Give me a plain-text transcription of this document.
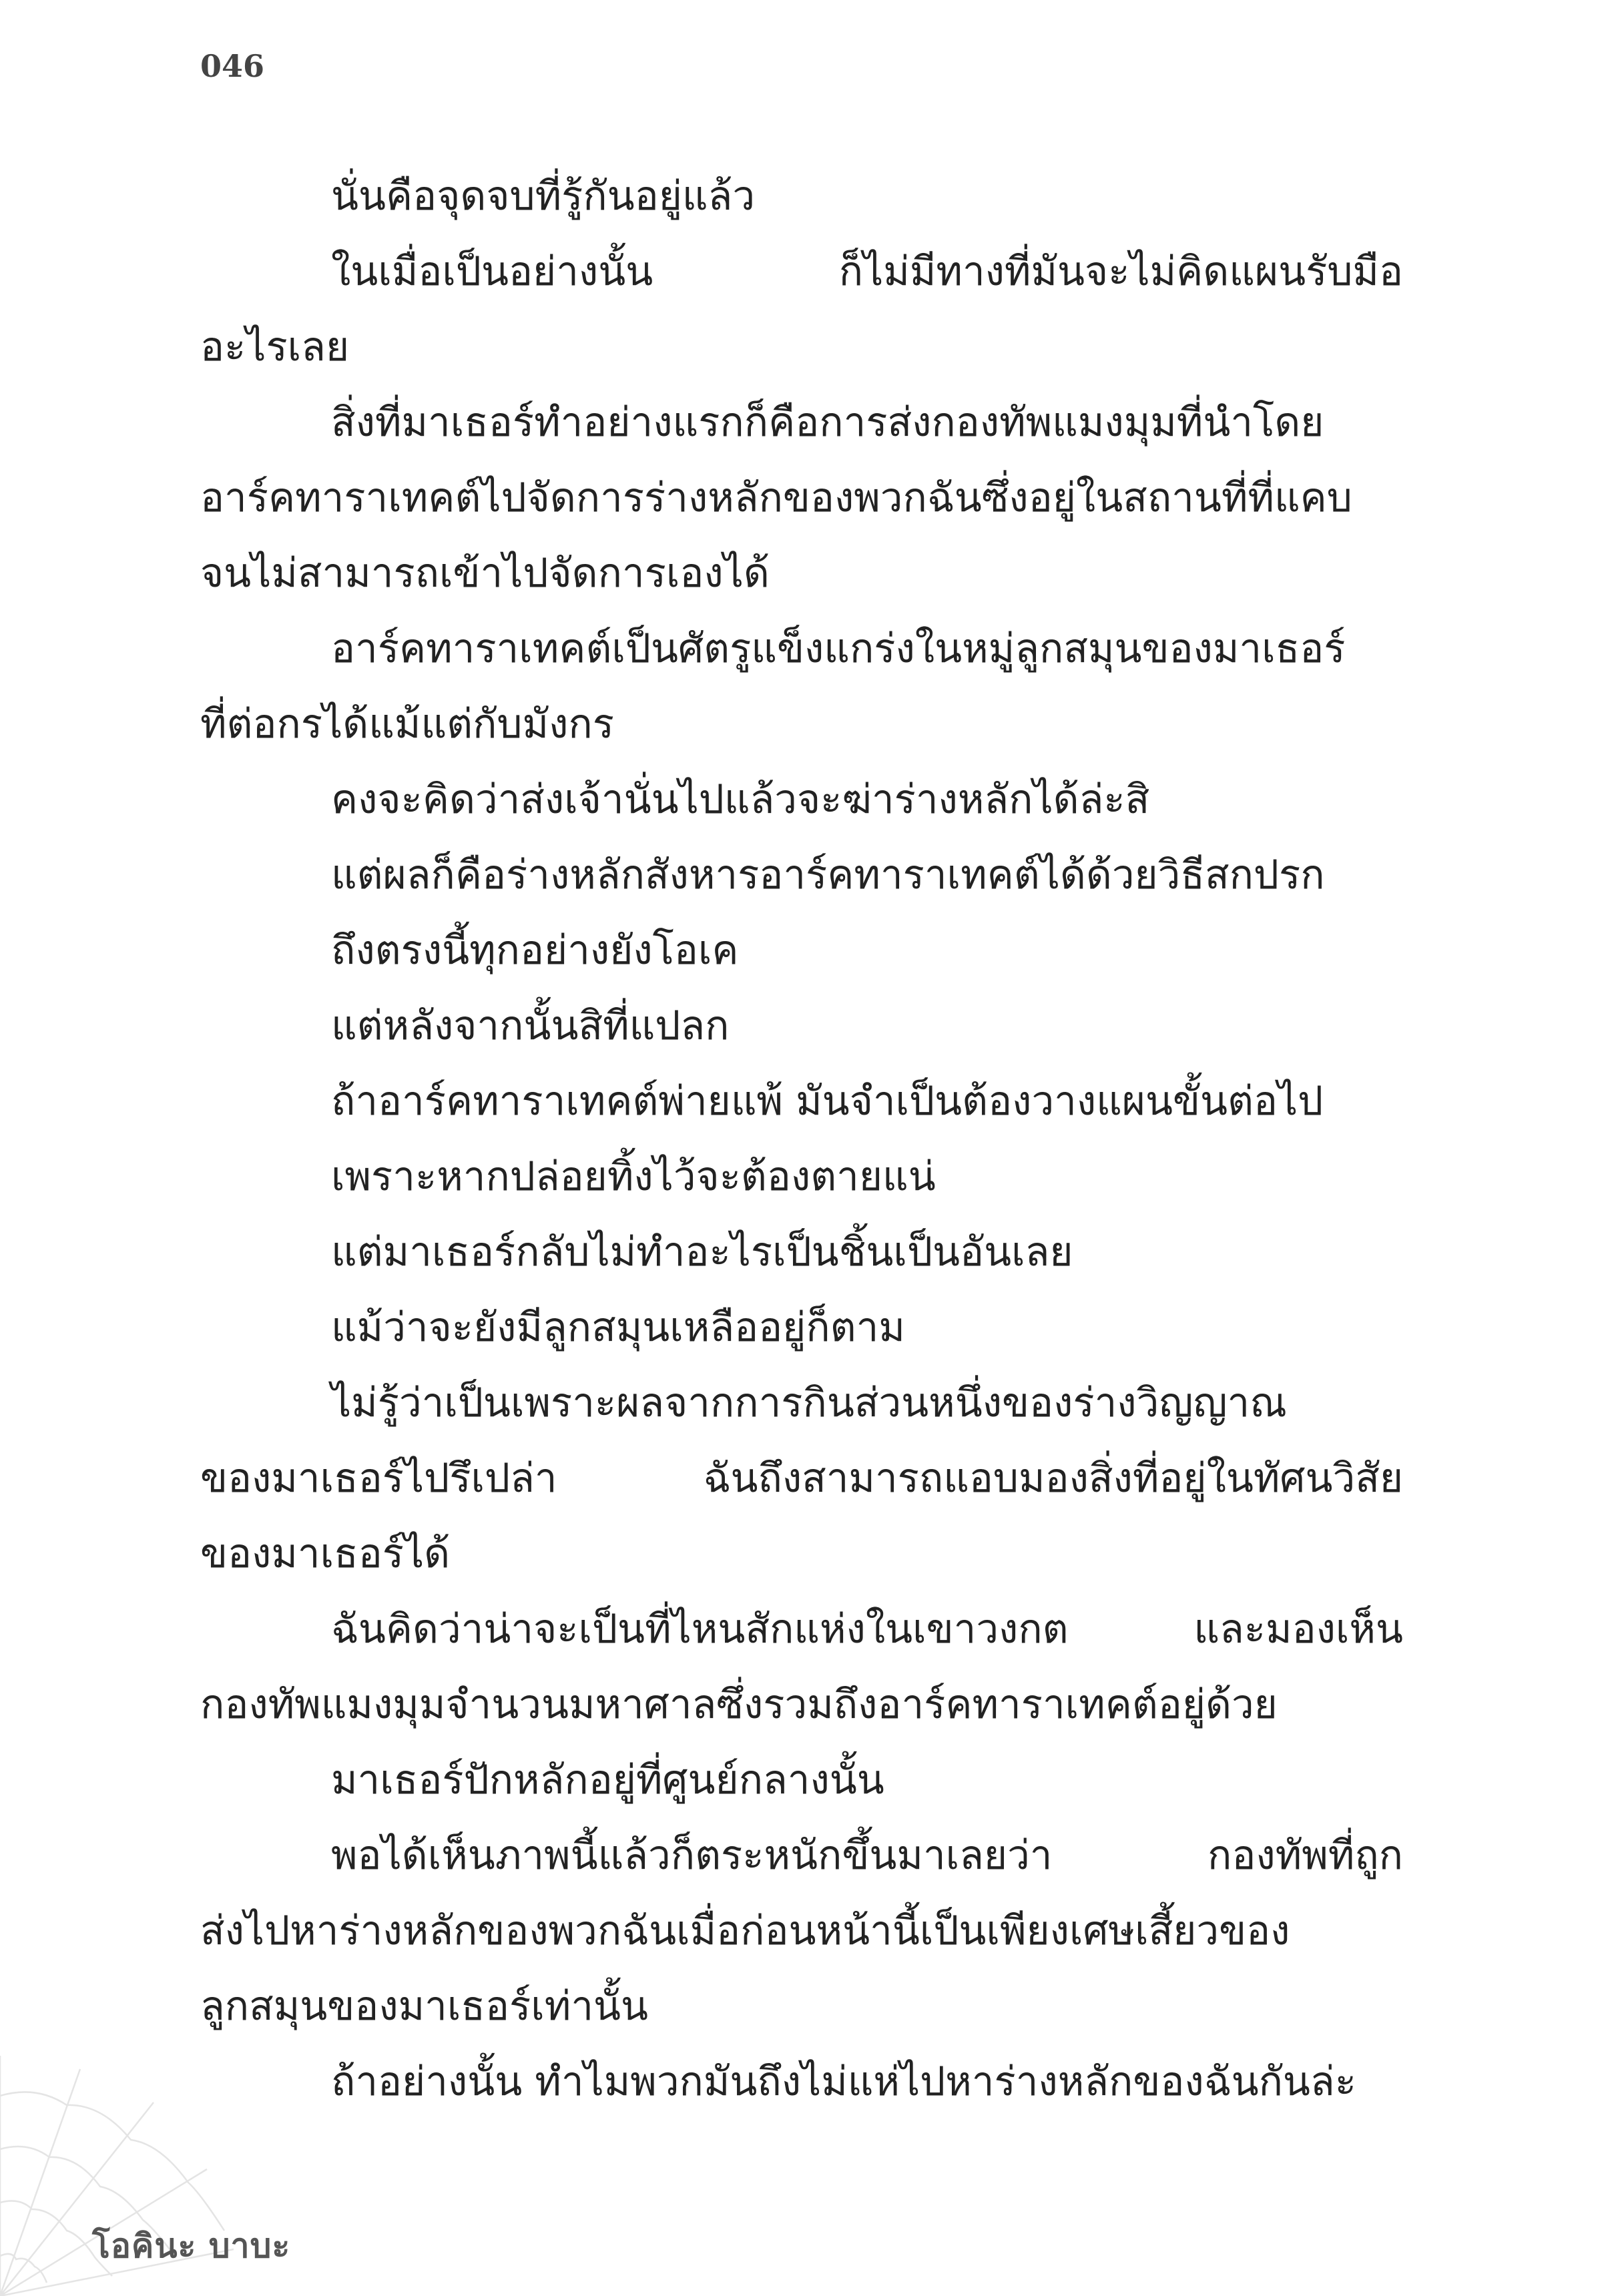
046

นั่นคือจุดจบที่รู้กันอยู่แล้ว

ในเมื่อเป็นอย่างนั้น ก็ไม่มีทางที่มันจะไม่คิดแผนรับมือ
อะไรเลย

สิ่งที่มาเธอร์ทำอย่างแรกก็คือการส่งกองทัพแมงมุมที่นำโดย
อาร์คทาราเทคต์ไปจัดการร่างหลักของพวกฉันซึ่งอยู่ในสถานที่ที่แคบ
จนไม่สามารถเข้าไปจัดการเองได้

อาร์คทาราเทคต์เป็นศัตรูแข็งแกร่งในหมู่ลูกสมุนของมาเธอร์
ที่ต่อกรได้แม้แต่กับมังกร

คงจะคิดว่าส่งเจ้านั่นไปแล้วจะฆ่าร่างหลักได้ล่ะสิ

แต่ผลก็คือร่างหลักสังหารอาร์คทาราเทคต์ได้ด้วยวิธีสกปรก

ถึงตรงนี้ทุกอย่างยังโอเค

แต่หลังจากนั้นสิที่แปลก

ถ้าอาร์คทาราเทคต์พ่ายแพ้ มันจำเป็นต้องวางแผนขั้นต่อไป

เพราะหากปล่อยทิ้งไว้จะต้องตายแน่

แต่มาเธอร์กลับไม่ทำอะไรเป็นชิ้นเป็นอันเลย

แม้ว่าจะยังมีลูกสมุนเหลืออยู่ก็ตาม

ไม่รู้ว่าเป็นเพราะผลจากการกินส่วนหนึ่งของร่างวิญญาณ
ของมาเธอร์ไปรึเปล่า ฉันถึงสามารถแอบมองสิ่งที่อยู่ในทัศนวิสัย
ของมาเธอร์ได้

ฉันคิดว่าน่าจะเป็นที่ไหนสักแห่งในเขาวงกต และมองเห็น
กองทัพแมงมุมจำนวนมหาศาลซึ่งรวมถึงอาร์คทาราเทคต์อยู่ด้วย

มาเธอร์ปักหลักอยู่ที่ศูนย์กลางนั้น

พอได้เห็นภาพนี้แล้วก็ตระหนักขึ้นมาเลยว่า กองทัพที่ถูก
ส่งไปหาร่างหลักของพวกฉันเมื่อก่อนหน้านี้เป็นเพียงเศษเสี้ยวของ
ลูกสมุนของมาเธอร์เท่านั้น

ถ้าอย่างนั้น ทำไมพวกมันถึงไม่แห่ไปหาร่างหลักของฉันกันล่ะ

โอคินะ บาบะ
